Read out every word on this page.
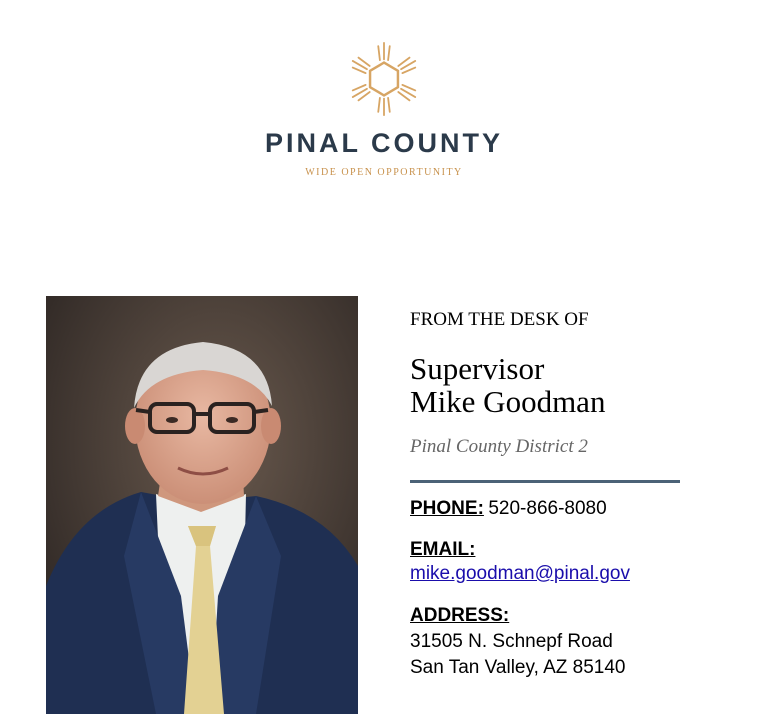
PINAL COUNTY
WIDE OPEN OPPORTUNITY

FROM THE DESK OF

Supervisor
Mike Goodman

Pinal County District 2

PHONE: 520-866-8080
EMAIL:
mike.goodman@pinal.gov
ADDRESS:
31505 N. Schnepf Road
San Tan Valley, AZ 85140
